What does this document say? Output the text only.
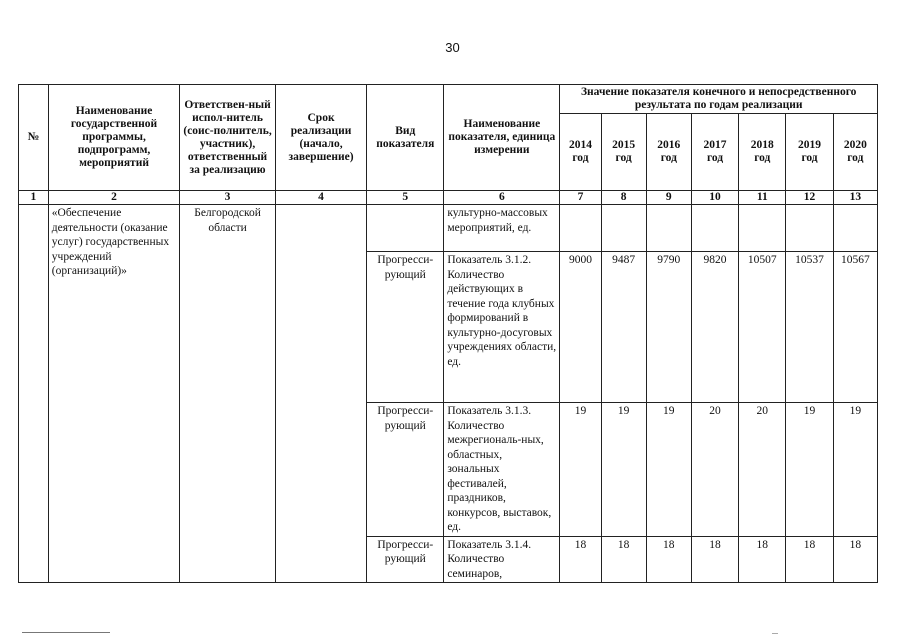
30
№	Наименование государственной программы, подпрограмм, мероприятий	Ответствен-ный испол-нитель (соис-полнитель, участник), ответственный за реализацию	Срок реализации (начало, завершение)	Вид показателя	Наименование показателя, единица измерении	Значение показателя конечного и непосредственного результата по годам реализации						
						2014 год	2015 год	2016 год	2017 год	2018 год	2019 год	2020 год
1	2	3	4	5	6	7	8	9	10	11	12	13
	«Обеспечение деятельности (оказание услуг) государственных учреждений (организаций)»	Белгородской области			культурно-массовых мероприятий, ед.							
				Прогресси-рующий	Показатель 3.1.2. Количество действующих в течение года клубных формирований в культурно-досуговых учреждениях области, ед.	9000	9487	9790	9820	10507	10537	10567
				Прогресси-рующий	Показатель 3.1.3. Количество межрегиональ-ных, областных, зональных фестивалей, праздников, конкурсов, выставок, ед.	19	19	19	20	20	19	19
				Прогресси-рующий	Показатель 3.1.4. Количество семинаров,	18	18	18	18	18	18	18
